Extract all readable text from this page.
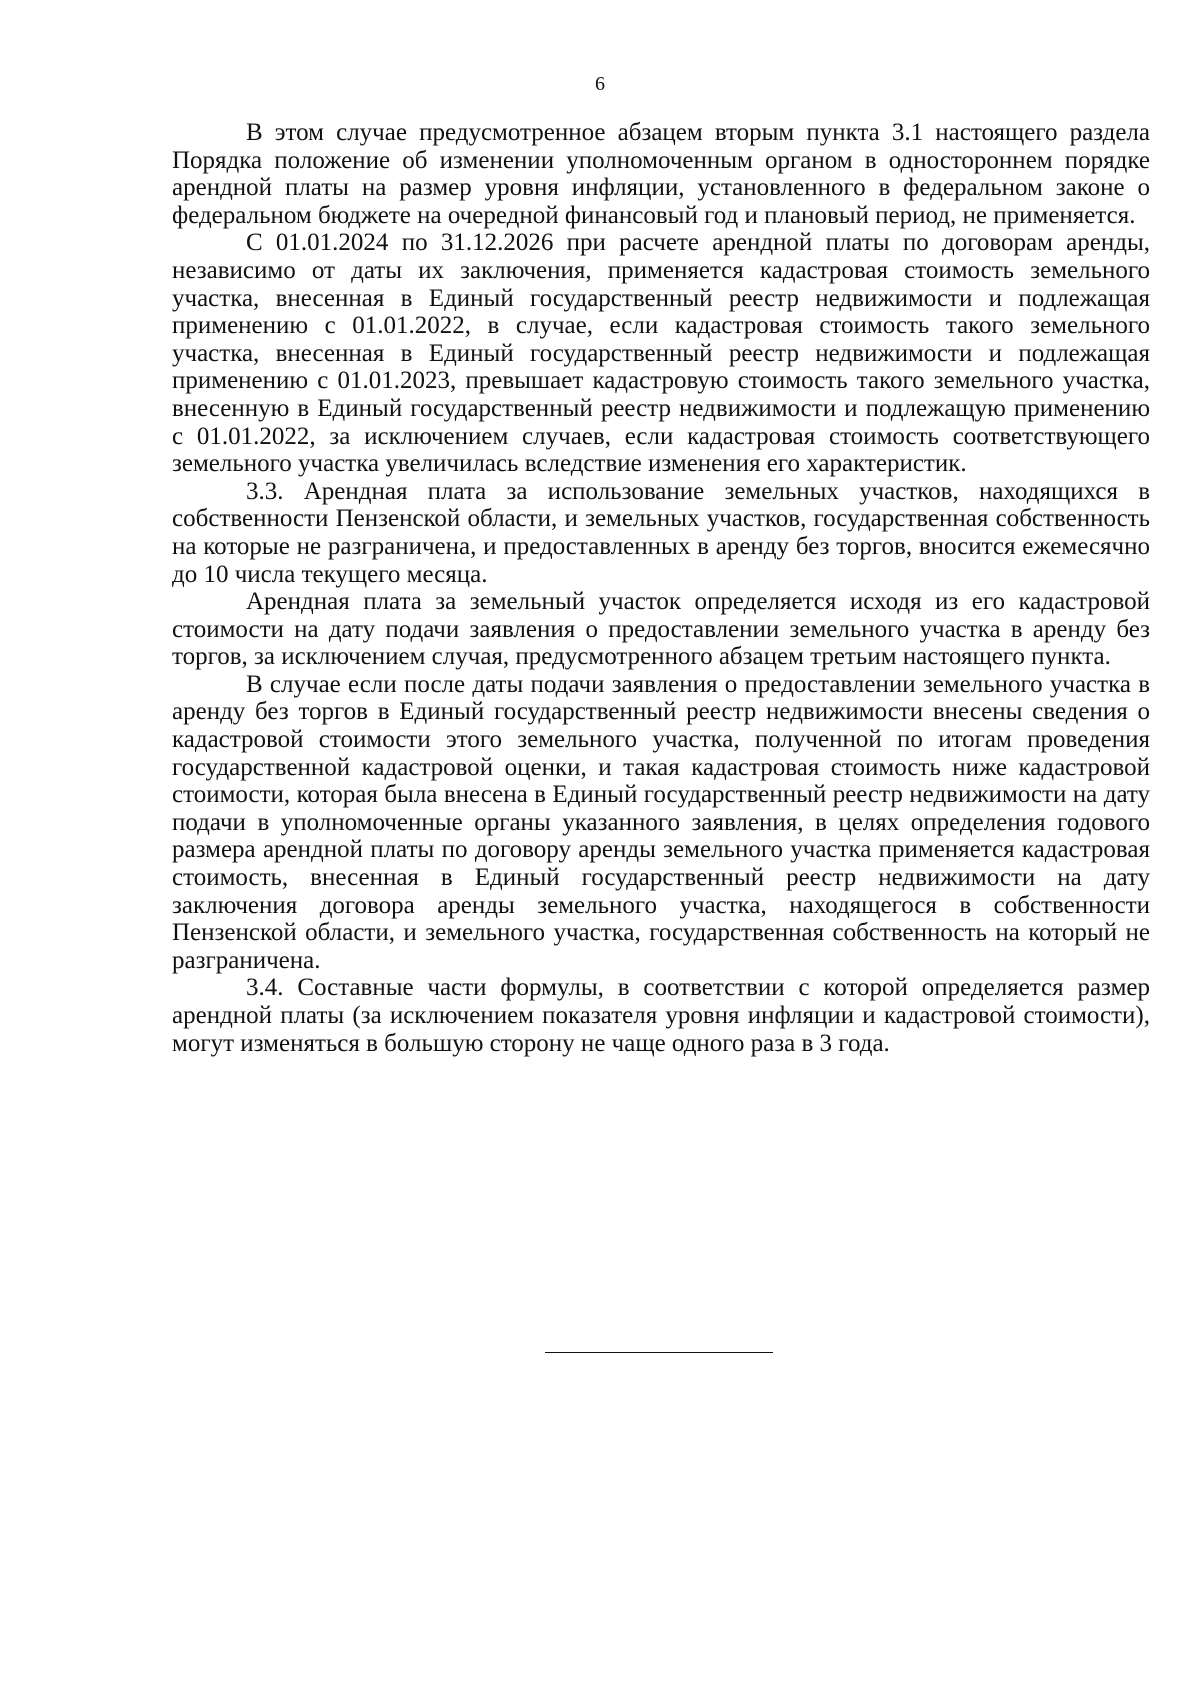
6

В этом случае предусмотренное абзацем вторым пункта 3.1 настоящего раздела Порядка положение об изменении уполномоченным органом в одностороннем порядке арендной платы на размер уровня инфляции, установленного в федеральном законе о федеральном бюджете на очередной финансовый год и плановый период, не применяется.

С 01.01.2024 по 31.12.2026 при расчете арендной платы по договорам аренды, независимо от даты их заключения, применяется кадастровая стоимость земельного участка, внесенная в Единый государственный реестр недвижимости и подлежащая применению с 01.01.2022, в случае, если кадастровая стоимость такого земельного участка, внесенная в Единый государственный реестр недвижимости и подлежащая применению с 01.01.2023, превышает кадастровую стоимость такого земельного участка, внесенную в Единый государственный реестр недвижимости и подлежащую применению с 01.01.2022, за исключением случаев, если кадастровая стоимость соответствующего земельного участка увеличилась вследствие изменения его характеристик.

3.3. Арендная плата за использование земельных участков, находящихся в собственности Пензенской области, и земельных участков, государственная собственность на которые не разграничена, и предоставленных в аренду без торгов, вносится ежемесячно до 10 числа текущего месяца.

Арендная плата за земельный участок определяется исходя из его кадастровой стоимости на дату подачи заявления о предоставлении земельного участка в аренду без торгов, за исключением случая, предусмотренного абзацем третьим настоящего пункта.

В случае если после даты подачи заявления о предоставлении земельного участка в аренду без торгов в Единый государственный реестр недвижимости внесены сведения о кадастровой стоимости этого земельного участка, полученной по итогам проведения государственной кадастровой оценки, и такая кадастровая стоимость ниже кадастровой стоимости, которая была внесена в Единый государственный реестр недвижимости на дату подачи в уполномоченные органы указанного заявления, в целях определения годового размера арендной платы по договору аренды земельного участка применяется кадастровая стоимость, внесенная в Единый государственный реестр недвижимости на дату заключения договора аренды земельного участка, находящегося в собственности Пензенской области, и земельного участка, государственная собственность на который не разграничена.

3.4. Составные части формулы, в соответствии с которой определяется размер арендной платы (за исключением показателя уровня инфляции и кадастровой стоимости), могут изменяться в большую сторону не чаще одного раза в 3 года.
